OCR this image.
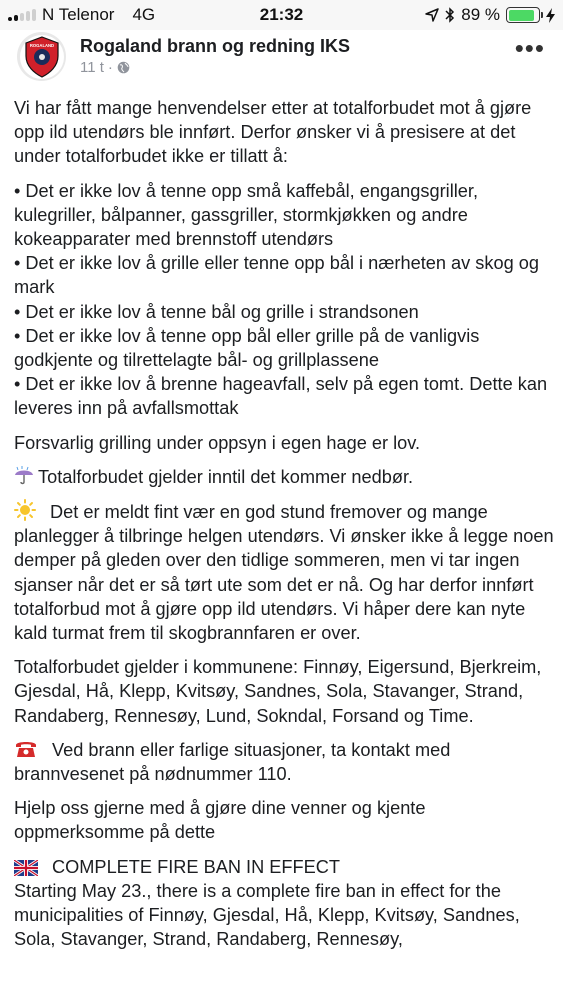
N Telenor 4G	21:32	89 %
ROGALAND Rogaland brann og redning IKS
11 t ·
•••

Vi har fått mange henvendelser etter at totalforbudet mot å gjøre opp ild utendørs ble innført. Derfor ønsker vi å presisere at det under totalforbudet ikke er tillatt å:

• Det er ikke lov å tenne opp små kaffebål, engangsgriller, kulegriller, bålpanner, gassgriller, stormkjøkken og andre kokeapparater med brennstoff utendørs

• Det er ikke lov å grille eller tenne opp bål i nærheten av skog og mark

• Det er ikke lov å tenne bål og grille i strandsonen

• Det er ikke lov å tenne opp bål eller grille på de vanligvis godkjente og tilrettelagte bål- og grillplassene

• Det er ikke lov å brenne hageavfall, selv på egen tomt. Dette kan leveres inn på avfallsmottak

Forsvarlig grilling under oppsyn i egen hage er lov.

Totalforbudet gjelder inntil det kommer nedbør.

Det er meldt fint vær en god stund fremover og mange planlegger å tilbringe helgen utendørs. Vi ønsker ikke å legge noen demper på gleden over den tidlige sommeren, men vi tar ingen sjanser når det er så tørt ute som det er nå. Og har derfor innført totalforbud mot å gjøre opp ild utendørs. Vi håper dere kan nyte kald turmat frem til skogbrannfaren er over.

Totalforbudet gjelder i kommunene: Finnøy, Eigersund, Bjerkreim, Gjesdal, Hå, Klepp, Kvitsøy, Sandnes, Sola, Stavanger, Strand, Randaberg, Rennesøy, Lund, Sokndal, Forsand og Time.

Ved brann eller farlige situasjoner, ta kontakt med brannvesenet på nødnummer 110.

Hjelp oss gjerne med å gjøre dine venner og kjente oppmerksomme på dette

COMPLETE FIRE BAN IN EFFECT

Starting May 23., there is a complete fire ban in effect for the municipalities of Finnøy, Gjesdal, Hå, Klepp, Kvitsøy, Sandnes, Sola, Stavanger, Strand, Randaberg, Rennesøy,
